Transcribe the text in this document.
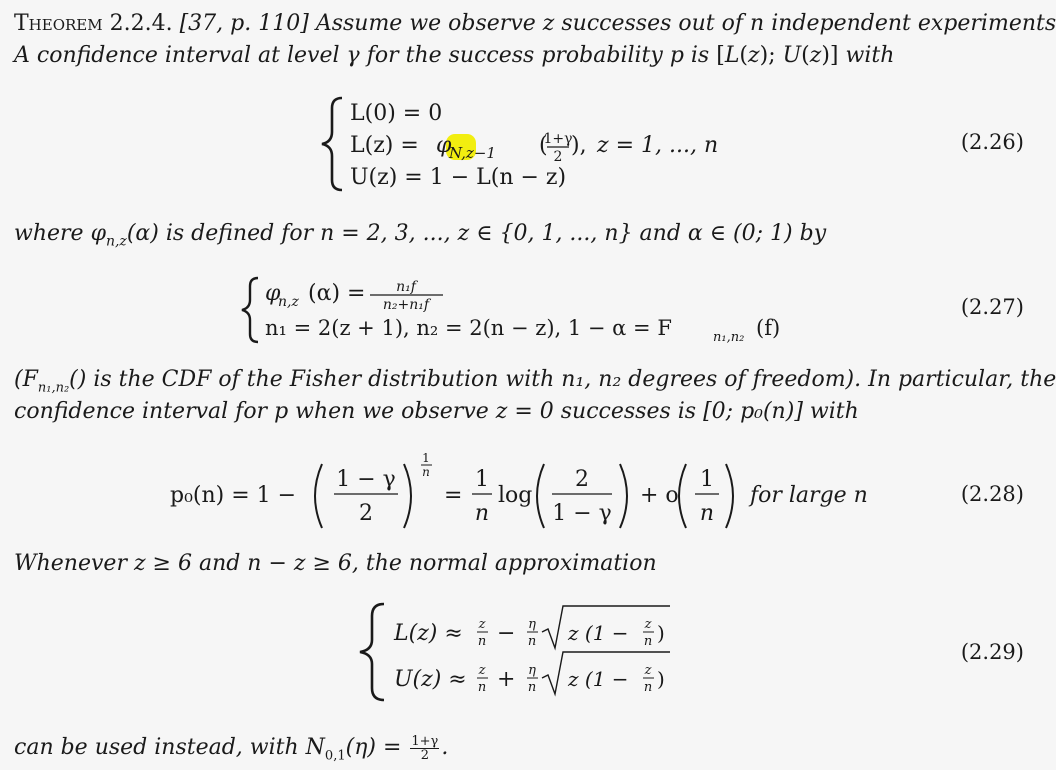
Theorem 2.2.4. [37, p. 110] Assume we observe z successes out of n independent experiments
A confidence interval at level γ for the success probability p is [L(z); U(z)] with
L(0) = 0
L(z) = φ
N,z−1 (
1+γ
2 ), z = 1, ..., n
U(z) = 1 − L(n − z)
(2.26)
where $\varphi_{n,z}(\alpha)$ is defined for n = 2, 3, ..., z ∈ {0, 1, ..., n} and α ∈ (0; 1) by
φ
n,z (α) = n₁f
n₂+n₁f
n₁ = 2(z + 1), n₂ = 2(n − z), 1 − α = F	n₁,n₂ (f)
(2.27)
($F_{n_1,n_2}()$ is the CDF of the Fisher distribution with n₁, n₂ degrees of freedom). In particular, the
confidence interval for p when we observe z = 0 successes is [0; p₀(n)] with
p₀(n) = 1 −
1 − γ
2
1
n
=
1
n
log
2
1 − γ
+ o
1
n
for large n	(2.28)
Whenever z ≥ 6 and n − z ≥ 6, the normal approximation
L(z) ≈ z
n − η
n z (1 − z
n )
U(z) ≈ z
n + η
n z (1 − z
n )
(2.29)
can be used instead, with $N_{0,1}(\eta) = \frac{1+\gamma}{2}$ .
